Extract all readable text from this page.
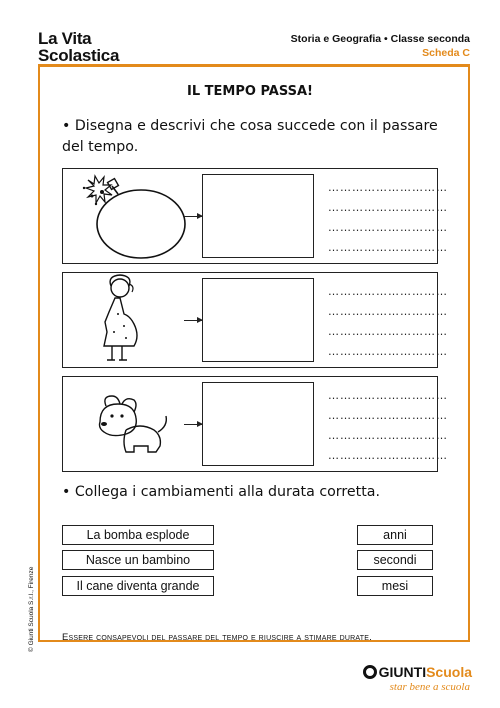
La Vita
Scolastica
Storia e Geografia • Classe seconda
Scheda C
IL TEMPO PASSA!
• Disegna e descrivi che cosa succede con il passare del tempo.
…………………………
…………………………
…………………………
…………………………
…………………………
…………………………
…………………………
…………………………
…………………………
…………………………
…………………………
…………………………
• Collega i cambiamenti alla durata corretta.
La bomba esplode
Nasce un bambino
Il cane diventa grande
anni
secondi
mesi
Essere consapevoli del passare del tempo e riuscire a stimare durate.
© Giunti Scuola S.r.l., Firenze
GIUNTIScuola
star bene a scuola
